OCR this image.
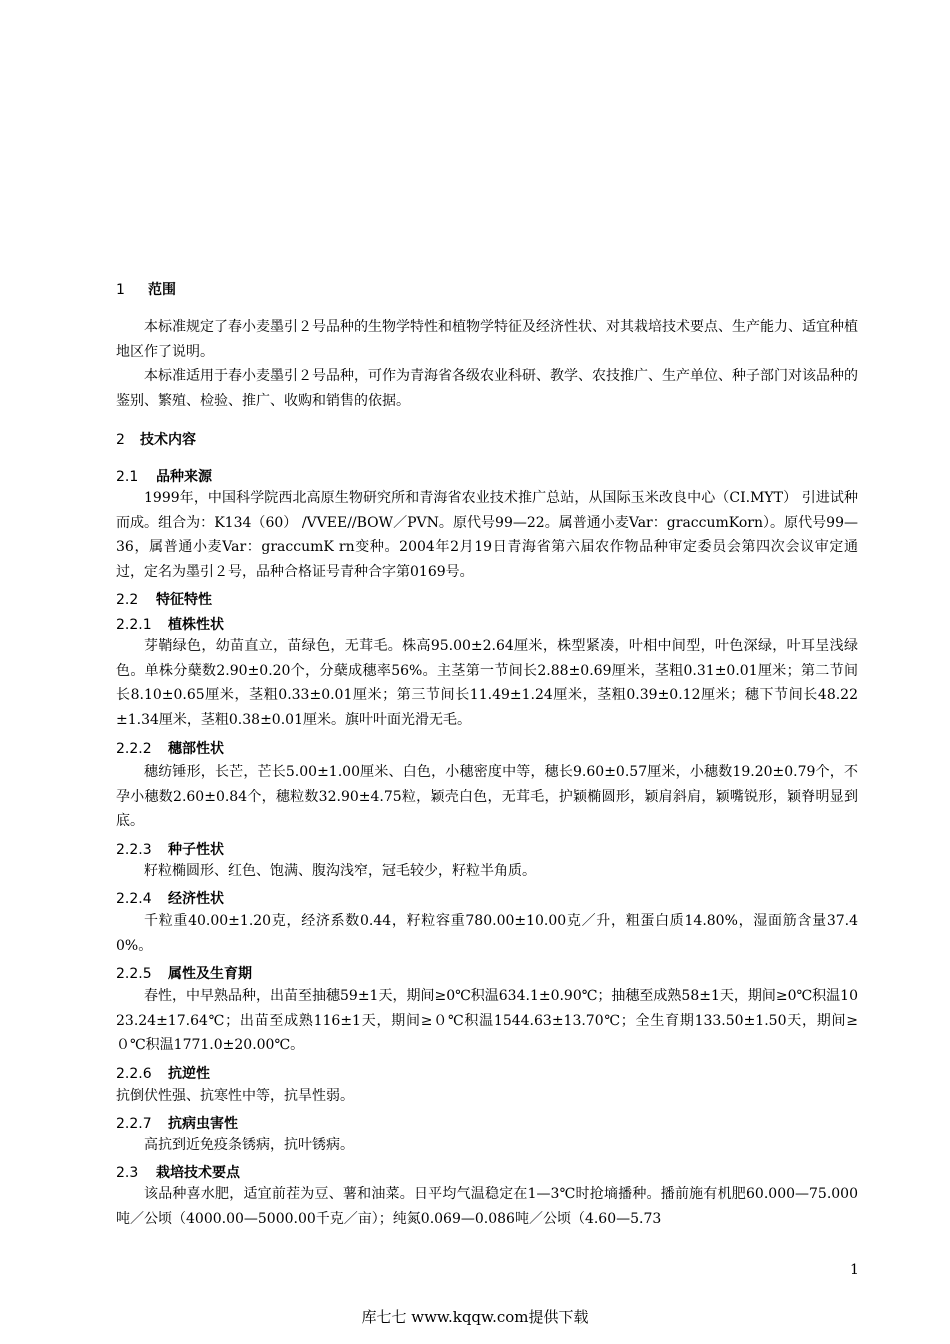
1 范围

本标准规定了春小麦墨引２号品种的生物学特性和植物学特征及经济性状、对其栽培技术要点、生产能力、适宜种植地区作了说明。

本标准适用于春小麦墨引２号品种，可作为青海省各级农业科研、教学、农技推广、生产单位、种子部门对该品种的鉴别、繁殖、检验、推广、收购和销售的依据。

2 技术内容
2.1 品种来源

1999年，中国科学院西北高原生物研究所和青海省农业技术推广总站，从国际玉米改良中心（CI.MYT） 引进试种而成。组合为：K134（60） /VVEE//BOW／PVN。原代号99—22。属普通小麦Var：graccumKorn）。原代号99—36，属普通小麦Var：graccumK rn变种。2004年2月19日青海省第六届农作物品种审定委员会第四次会议审定通过，定名为墨引２号，品种合格证号青种合字第0169号。

2.2 特征特性
2.2.1 植株性状

芽鞘绿色，幼苗直立，苗绿色，无茸毛。株高95.00±2.64厘米，株型紧凑，叶相中间型，叶色深绿，叶耳呈浅绿色。单株分蘖数2.90±0.20个，分蘖成穗率56%。主茎第一节间长2.88±0.69厘米，茎粗0.31±0.01厘米；第二节间长8.10±0.65厘米，茎粗0.33±0.01厘米；第三节间长11.49±1.24厘米，茎粗0.39±0.12厘米；穗下节间长48.22±1.34厘米，茎粗0.38±0.01厘米。旗叶叶面光滑无毛。

2.2.2 穗部性状

穗纺锤形，长芒，芒长5.00±1.00厘米、白色，小穗密度中等，穗长9.60±0.57厘米，小穗数19.20±0.79个，不孕小穗数2.60±0.84个，穗粒数32.90±4.75粒，颖壳白色，无茸毛，护颖椭圆形，颖肩斜肩，颖嘴锐形，颖脊明显到底。

2.2.3 种子性状

籽粒椭圆形、红色、饱满、腹沟浅窄，冠毛较少，籽粒半角质。

2.2.4 经济性状

千粒重40.00±1.20克，经济系数0.44，籽粒容重780.00±10.00克／升，粗蛋白质14.80%，湿面筋含量37.40%。

2.2.5 属性及生育期

春性，中早熟品种，出苗至抽穗59±1天，期间≥0℃积温634.1±0.90℃；抽穗至成熟58±1天，期间≥0℃积温1023.24±17.64℃；出苗至成熟116±1天，期间≥０℃积温1544.63±13.70℃；全生育期133.50±1.50天，期间≥０℃积温1771.0±20.00℃。

2.2.6 抗逆性

抗倒伏性强、抗寒性中等，抗旱性弱。

2.2.7 抗病虫害性

高抗到近免疫条锈病，抗叶锈病。

2.3 栽培技术要点

该品种喜水肥，适宜前茬为豆、薯和油菜。日平均气温稳定在1—3℃时抢墒播种。播前施有机肥60.000—75.000吨／公顷（4000.00—5000.00千克／亩）；纯氮0.069—0.086吨／公顷（4.60—5.73

1
库七七 www.kqqw.com提供下载
